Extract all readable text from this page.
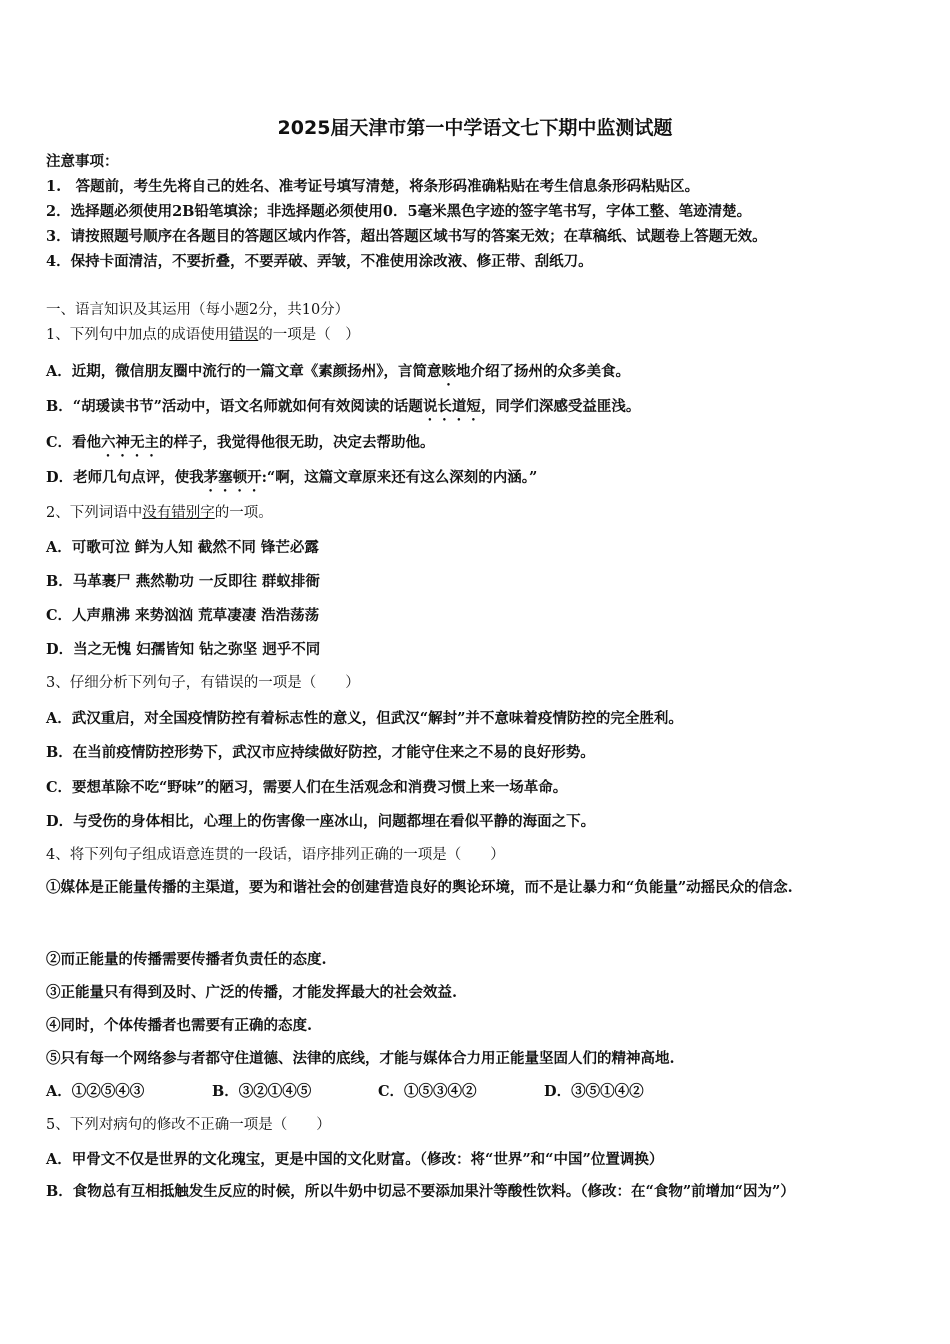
2025届天津市第一中学语文七下期中监测试题
注意事项：
1.　答题前，考生先将自己的姓名、准考证号填写清楚，将条形码准确粘贴在考生信息条形码粘贴区。
2．选择题必须使用2B铅笔填涂；非选择题必须使用0．5毫米黑色字迹的签字笔书写，字体工整、笔迹清楚。
3．请按照题号顺序在各题目的答题区域内作答，超出答题区域书写的答案无效；在草稿纸、试题卷上答题无效。
4．保持卡面清洁，不要折叠，不要弄破、弄皱，不准使用涂改液、修正带、刮纸刀。
一、语言知识及其运用（每小题2分，共10分）
1、下列句中加点的成语使用错误的一项是（　）
A．近期，微信朋友圈中流行的一篇文章《素颜扬州》，言简意赅地介绍了扬州的众多美食。
B．“胡瑗读书节”活动中，语文名师就如何有效阅读的话题说长道短，同学们深感受益匪浅。
C．看他六神无主的样子，我觉得他很无助，决定去帮助他。
D．老师几句点评，使我茅塞顿开:“啊，这篇文章原来还有这么深刻的内涵。”
2、下列词语中没有错别字的一项。
A．可歌可泣 鲜为人知 截然不同 锋芒必露
B．马革裹尸 燕然勒功 一反即往 群蚁排衙
C．人声鼎沸 来势汹汹 荒草凄凄 浩浩荡荡
D．当之无愧 妇孺皆知 钻之弥坚 迥乎不同
3、仔细分析下列句子，有错误的一项是（　　）
A．武汉重启，对全国疫情防控有着标志性的意义，但武汉“解封”并不意味着疫情防控的完全胜利。
B．在当前疫情防控形势下，武汉市应持续做好防控，才能守住来之不易的良好形势。
C．要想革除不吃“野味”的陋习，需要人们在生活观念和消费习惯上来一场革命。
D．与受伤的身体相比，心理上的伤害像一座冰山，问题都埋在看似平静的海面之下。
4、将下列句子组成语意连贯的一段话，语序排列正确的一项是（　　）
①媒体是正能量传播的主渠道，要为和谐社会的创建营造良好的舆论环境，而不是让暴力和“负能量”动摇民众的信念.
②而正能量的传播需要传播者负责任的态度.
③正能量只有得到及时、广泛的传播，才能发挥最大的社会效益.
④同时，个体传播者也需要有正确的态度.
⑤只有每一个网络参与者都守住道德、法律的底线，才能与媒体合力用正能量坚固人们的精神高地.
A．①②⑤④③	B．③②①④⑤	C．①⑤③④②	D．③⑤①④②
5、下列对病句的修改不正确一项是（　　）
A．甲骨文不仅是世界的文化瑰宝，更是中国的文化财富。（修改：将“世界”和“中国”位置调换）
B．食物总有互相抵触发生反应的时候，所以牛奶中切忌不要添加果汁等酸性饮料。（修改：在“食物”前增加“因为”）
